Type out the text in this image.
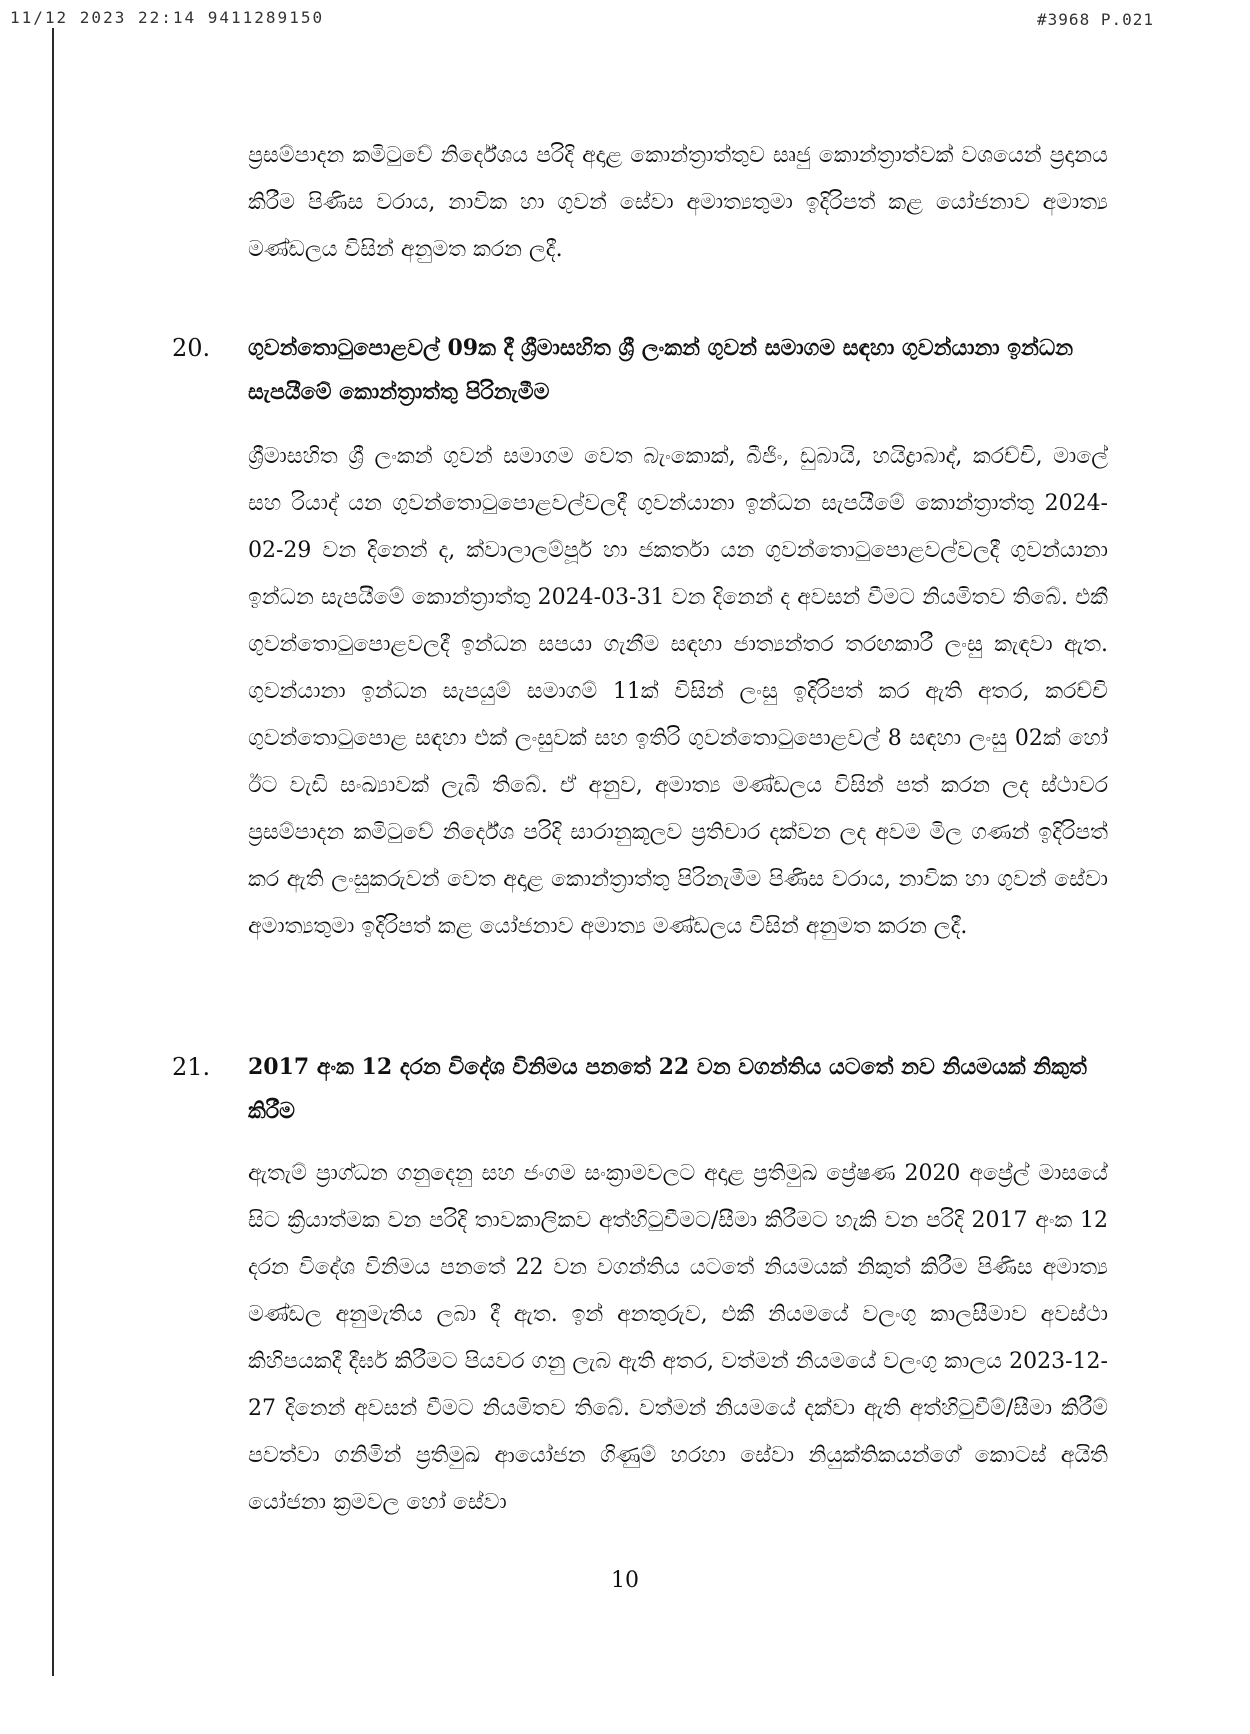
11/12 2023 22:14 9411289150	#3968 P.021

ප්‍රසම්පාදන කමිටුවේ නිර්දේශය පරිදි අදාළ කොන්ත්‍රාත්තුව සෘජු කොන්ත්‍රාත්වක් වශයෙන් ප්‍රදානය කිරීම පිණිස වරාය, නාවික හා ගුවන් සේවා අමාත්‍යතුමා ඉදිරිපත් කළ යෝජනාව අමාත්‍ය මණ්ඩලය විසින් අනුමත කරන ලදී.

20. ගුවන්තොටුපොළවල් 09ක දී ශ්‍රීමාසහිත ශ්‍රී ලංකන් ගුවන් සමාගම සඳහා ගුවන්යානා ඉන්ධන සැපයීමේ කොන්ත්‍රාත්තු පිරිනැමීම

ශ්‍රීමාසහිත ශ්‍රී ලංකන් ගුවන් සමාගම වෙත බැංකොක්, බීජිං, ඩුබායි, හයිද්‍රාබාද්, කරච්චි, මාලේ සහ රියාද් යන ගුවන්තොටුපොළවල්වලදී ගුවන්යානා ඉන්ධන සැපයීමේ කොන්ත්‍රාත්තු 2024-02-29 වන දිනෙන් ද, ක්වාලාලම්පූර් හා ජකර්තා යන ගුවන්තොටුපොළවල්වලදී ගුවන්යානා ඉන්ධන සැපයීමේ කොන්ත්‍රාත්තු 2024-03-31 වන දිනෙන් ද අවසන් වීමට නියමිතව තිබේ. එකී ගුවන්තොටුපොළවලදී ඉන්ධන සපයා ගැනීම සඳහා ජාත්‍යන්තර තරඟකාරී ලංසු කැඳවා ඇත. ගුවන්යානා ඉන්ධන සැපයුම් සමාගම් 11ක් විසින් ලංසු ඉදිරිපත් කර ඇති අතර, කරච්චි ගුවන්තොටුපොළ සඳහා එක් ලංසුවක් සහ ඉතිරි ගුවන්තොටුපොළවල් 8 සඳහා ලංසු 02ක් හෝ ඊට වැඩි සංඛ්‍යාවක් ලැබී තිබේ. ඒ අනුව, අමාත්‍ය මණ්ඩලය විසින් පත් කරන ලද ස්ථාවර ප්‍රසම්පාදන කමිටුවේ නිර්දේශ පරිදි සාරානුකූලව ප්‍රතිචාර දක්වන ලද අවම මිල ගණන් ඉදිරිපත් කර ඇති ලංසුකරුවන් වෙත අදාළ කොන්ත්‍රාත්තු පිරිනැමීම පිණිස වරාය, නාවික හා ගුවන් සේවා අමාත්‍යතුමා ඉදිරිපත් කළ යෝජනාව අමාත්‍ය මණ්ඩලය විසින් අනුමත කරන ලදී.

21. 2017 අංක 12 දරන විදේශ විනිමය පනතේ 22 වන වගන්තිය යටතේ නව නියමයක් නිකුත් කිරීම

ඇතැම් ප්‍රාග්ධන ගනුදෙනු සහ ජංගම සංක්‍රාමවලට අදාළ ප්‍රතිමුඛ ප්‍රේෂණ 2020 අප්‍රේල් මාසයේ සිට ක්‍රියාත්මක වන පරිදි තාවකාලිකව අත්හිටුවීමට/සීමා කිරීමට හැකි වන පරිදි 2017 අංක 12 දරන විදේශ විනිමය පනතේ 22 වන වගන්තිය යටතේ නියමයක් නිකුත් කිරීම පිණිස අමාත්‍ය මණ්ඩල අනුමැතිය ලබා දී ඇත. ඉන් අනතුරුව, එකී නියමයේ වලංගු කාලසීමාව අවස්ථා කිහිපයකදී දීර්ඝ කිරීමට පියවර ගනු ලැබ ඇති අතර, වත්මන් නියමයේ වලංගු කාලය 2023-12-27 දිනෙන් අවසන් වීමට නියමිතව තිබේ. වත්මන් නියමයේ දක්වා ඇති අත්හිටුවීම්/සීමා කිරීම් පවත්වා ගනිමින් ප්‍රතිමුඛ ආයෝජන ගිණුම් හරහා සේවා නියුක්තිකයන්ගේ කොටස් අයිති යෝජනා ක්‍රමවල හෝ සේවා

10
